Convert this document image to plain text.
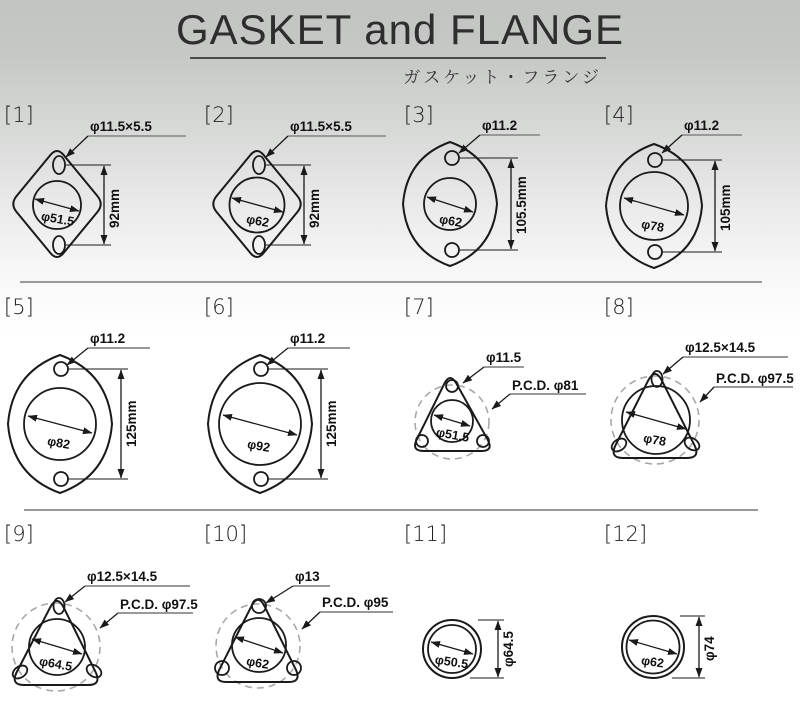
GASKET and FLANGE
ガスケット・フランジ
[1]	φ11.5×5.5
φ51.5 92mm
[2]	φ11.5×5.5
φ62	92mm
[3]	φ11.2
φ62	105.5mm
[4]	φ11.2
φ78	105mm
[5]
φ11.2
φ82	125mm
[6]
φ11.2
φ92	125mm
[7]
φ11.5
P.C.D. φ81
φ51.5
[8]
φ12.5×14.5
P.C.D. φ97.5
φ78
[9]
φ12.5×14.5
P.C.D. φ97.5
φ64.5
[10]
φ13
P.C.D. φ95
φ62
[11]
φ50.5 φ64.5
[12]
φ62
φ74
